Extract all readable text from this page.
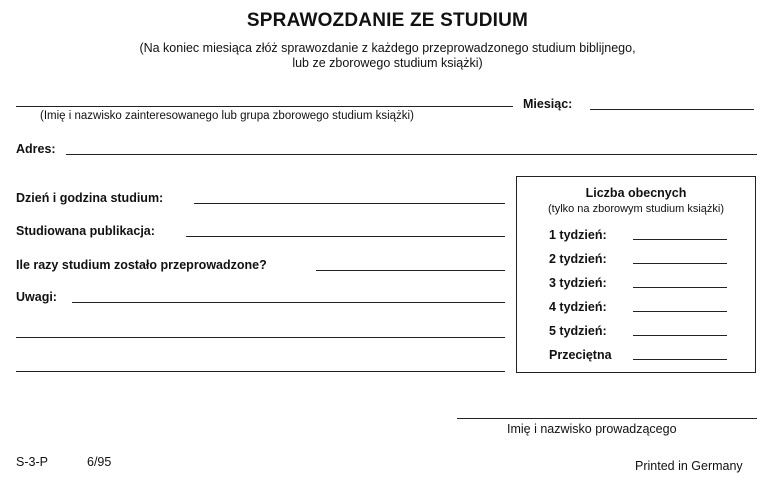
SPRAWOZDANIE ZE STUDIUM
(Na koniec miesiąca złóż sprawozdanie z każdego przeprowadzonego studium biblijnego,
lub ze zborowego studium książki)
(Imię i nazwisko zainteresowanego lub grupa zborowego studium książki)
Miesiąc:
Adres:
Dzień i godzina studium:
Studiowana publikacja:
Ile razy studium zostało przeprowadzone?
Uwagi:
Liczba obecnych
(tylko na zborowym studium książki)
1 tydzień:
2 tydzień:
3 tydzień:
4 tydzień:
5 tydzień:
Przeciętna
Imię i nazwisko prowadzącego
S-3-P	6/95	Printed in Germany
